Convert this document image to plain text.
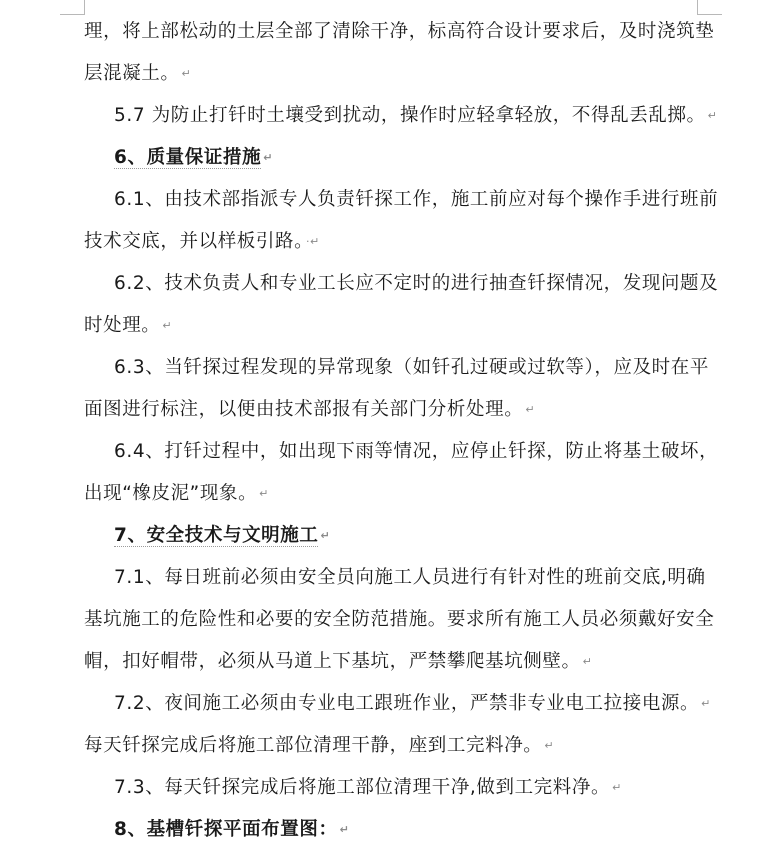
理，将上部松动的土层全部了清除干净，标高符合设计要求后，及时浇筑垫
层混凝土。 ↵
5.7 为防止打钎时土壤受到扰动，操作时应轻拿轻放，不得乱丢乱掷。 ↵
6、质量保证措施 ↵
6.1、由技术部指派专人负责钎探工作，施工前应对每个操作手进行班前
技术交底，并以样板引路。 ·↵
6.2、技术负责人和专业工长应不定时的进行抽查钎探情况，发现问题及
时处理。 ↵
6.3、当钎探过程发现的异常现象（如钎孔过硬或过软等），应及时在平
面图进行标注，以便由技术部报有关部门分析处理。 ↵
6.4、打钎过程中，如出现下雨等情况，应停止钎探，防止将基土破坏，
出现“橡皮泥”现象。 ↵
7、安全技术与文明施工 ↵
7.1、每日班前必须由安全员向施工人员进行有针对性的班前交底,明确
基坑施工的危险性和必要的安全防范措施。要求所有施工人员必须戴好安全
帽，扣好帽带，必须从马道上下基坑，严禁攀爬基坑侧壁。 ↵
7.2、夜间施工必须由专业电工跟班作业，严禁非专业电工拉接电源。 ↵
每天钎探完成后将施工部位清理干静，座到工完料净。 ↵
7.3、每天钎探完成后将施工部位清理干净,做到工完料净。 ↵
8、基槽钎探平面布置图： ↵
